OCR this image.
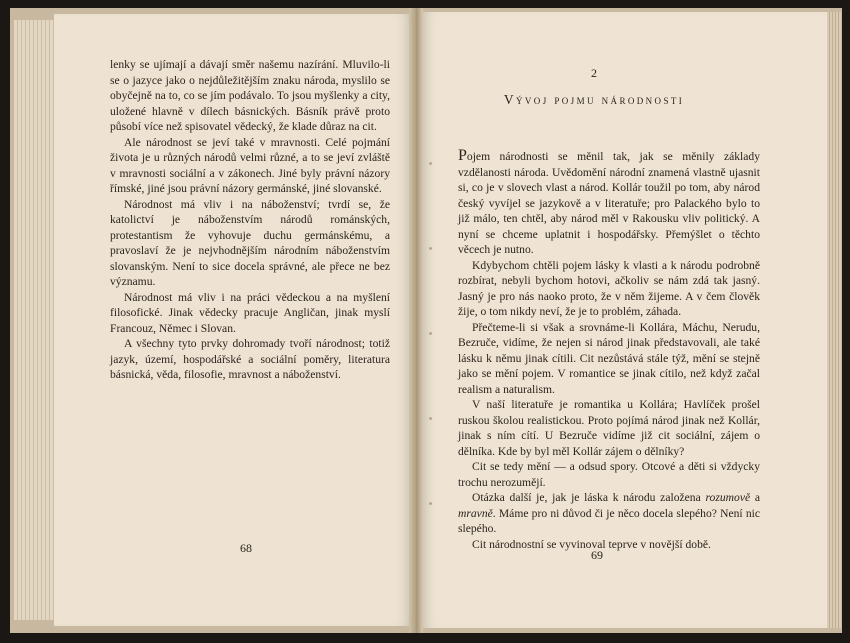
lenky se ujímají a dávají směr našemu nazírání. Mluvilo-li se o jazyce jako o nejdůležitějším znaku národa, myslilo se obyčejně na to, co se jím podávalo. To jsou myšlenky a city, uložené hlavně v dílech básnických. Básník právě proto působí více než spisovatel vědecký, že klade důraz na cit.

Ale národnost se jeví také v mravnosti. Celé pojmání života je u různých národů velmi různé, a to se jeví zvláště v mravnosti sociální a v zákonech. Jiné byly právní názory římské, jiné jsou právní názory germánské, jiné slovanské.

Národnost má vliv i na náboženství; tvrdí se, že katolictví je náboženstvím národů románských, protestantism že vyhovuje duchu germánskému, a pravoslaví že je nejvhodnějším národním náboženstvím slovanským. Není to sice docela správné, ale přece ne bez významu.

Národnost má vliv i na práci vědeckou a na myšlení filosofické. Jinak vědecky pracuje Angličan, jinak myslí Francouz, Němec i Slovan.

A všechny tyto prvky dohromady tvoří národnost; totiž jazyk, území, hospodářské a sociální poměry, literatura básnická, věda, filosofie, mravnost a náboženství.

68
2
Vývoj pojmu národnosti

Pojem národnosti se měnil tak, jak se měnily základy vzdělanosti národa. Uvědomění národní znamená vlastně ujasnit si, co je v slovech vlast a národ. Kollár toužil po tom, aby národ český vyvíjel se jazykově a v literatuře; pro Palackého bylo to již málo, ten chtěl, aby národ měl v Rakousku vliv politický. A nyní se chceme uplatnit i hospodářsky. Přemýšlet o těchto věcech je nutno.

Kdybychom chtěli pojem lásky k vlasti a k národu podrobně rozbírat, nebyli bychom hotovi, ačkoliv se nám zdá tak jasný. Jasný je pro nás naoko proto, že v něm žijeme. A v čem člověk žije, o tom nikdy neví, že je to problém, záhada.

Přečteme-li si však a srovnáme-li Kollára, Máchu, Nerudu, Bezruče, vidíme, že nejen si národ jinak představovali, ale také lásku k němu jinak cítili. Cit nezůstává stále týž, mění se stejně jako se mění pojem. V romantice se jinak cítilo, než když začal realism a naturalism.

V naší literatuře je romantika u Kollára; Havlíček prošel ruskou školou realistickou. Proto pojímá národ jinak než Kollár, jinak s ním cítí. U Bezruče vidíme již cit sociální, zájem o dělníka. Kde by byl měl Kollár zájem o dělníky?

Cit se tedy mění — a odsud spory. Otcové a děti si vždycky trochu nerozumějí.

Otázka další je, jak je láska k národu založena rozumově a mravně. Máme pro ni důvod či je něco docela slepého? Není nic slepého.

Cit národnostní se vyvinoval teprve v novější době.

69
